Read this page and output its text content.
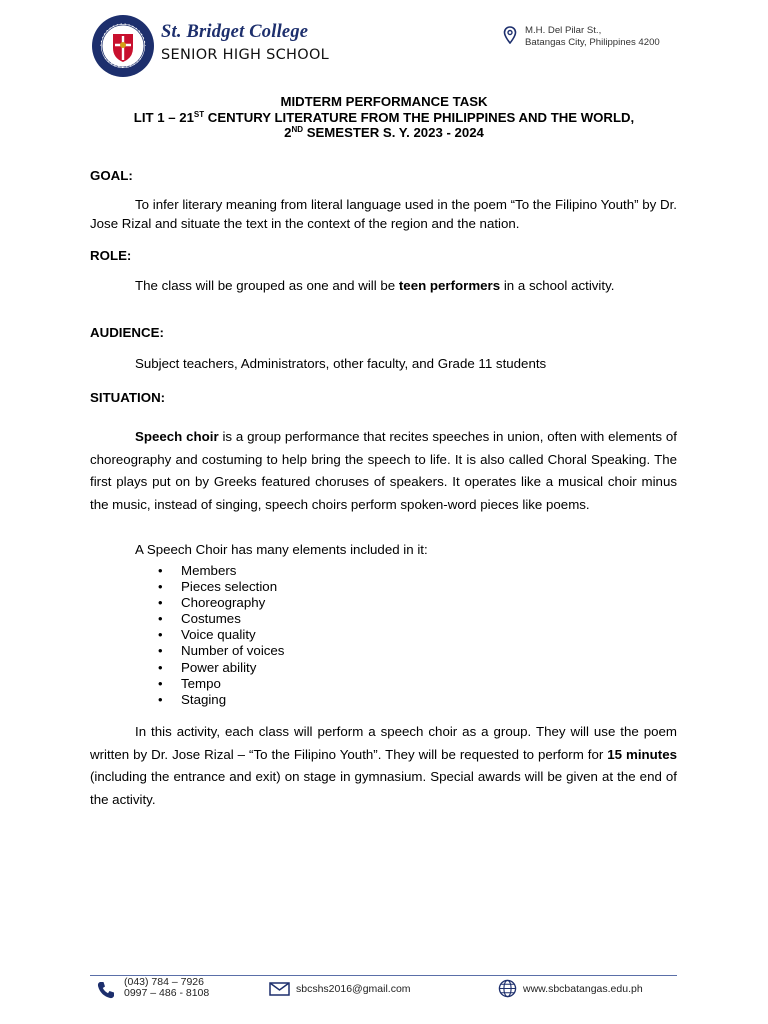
St. Bridget College
SENIOR HIGH SCHOOL
M.H. Del Pilar St.,
Batangas City, Philippines 4200
MIDTERM PERFORMANCE TASK
LIT 1 – 21ST CENTURY LITERATURE FROM THE PHILIPPINES AND THE WORLD,
2ND SEMESTER S. Y. 2023 - 2024
GOAL:
To infer literary meaning from literal language used in the poem “To the Filipino Youth” by Dr. Jose Rizal and situate the text in the context of the region and the nation.
ROLE:
The class will be grouped as one and will be teen performers in a school activity.
AUDIENCE:
Subject teachers, Administrators, other faculty, and Grade 11 students
SITUATION:
Speech choir is a group performance that recites speeches in union, often with elements of choreography and costuming to help bring the speech to life. It is also called Choral Speaking. The first plays put on by Greeks featured choruses of speakers. It operates like a musical choir minus the music, instead of singing, speech choirs perform spoken-word pieces like poems.
A Speech Choir has many elements included in it:
• Members
• Pieces selection
• Choreography
• Costumes
• Voice quality
• Number of voices
• Power ability
• Tempo
• Staging
In this activity, each class will perform a speech choir as a group. They will use the poem written by Dr. Jose Rizal – “To the Filipino Youth”. They will be requested to perform for 15 minutes (including the entrance and exit) on stage in gymnasium. Special awards will be given at the end of the activity.
(043) 784 – 7926
0997 – 486 - 8108	sbcshs2016@gmail.com	www.sbcbatangas.edu.ph
